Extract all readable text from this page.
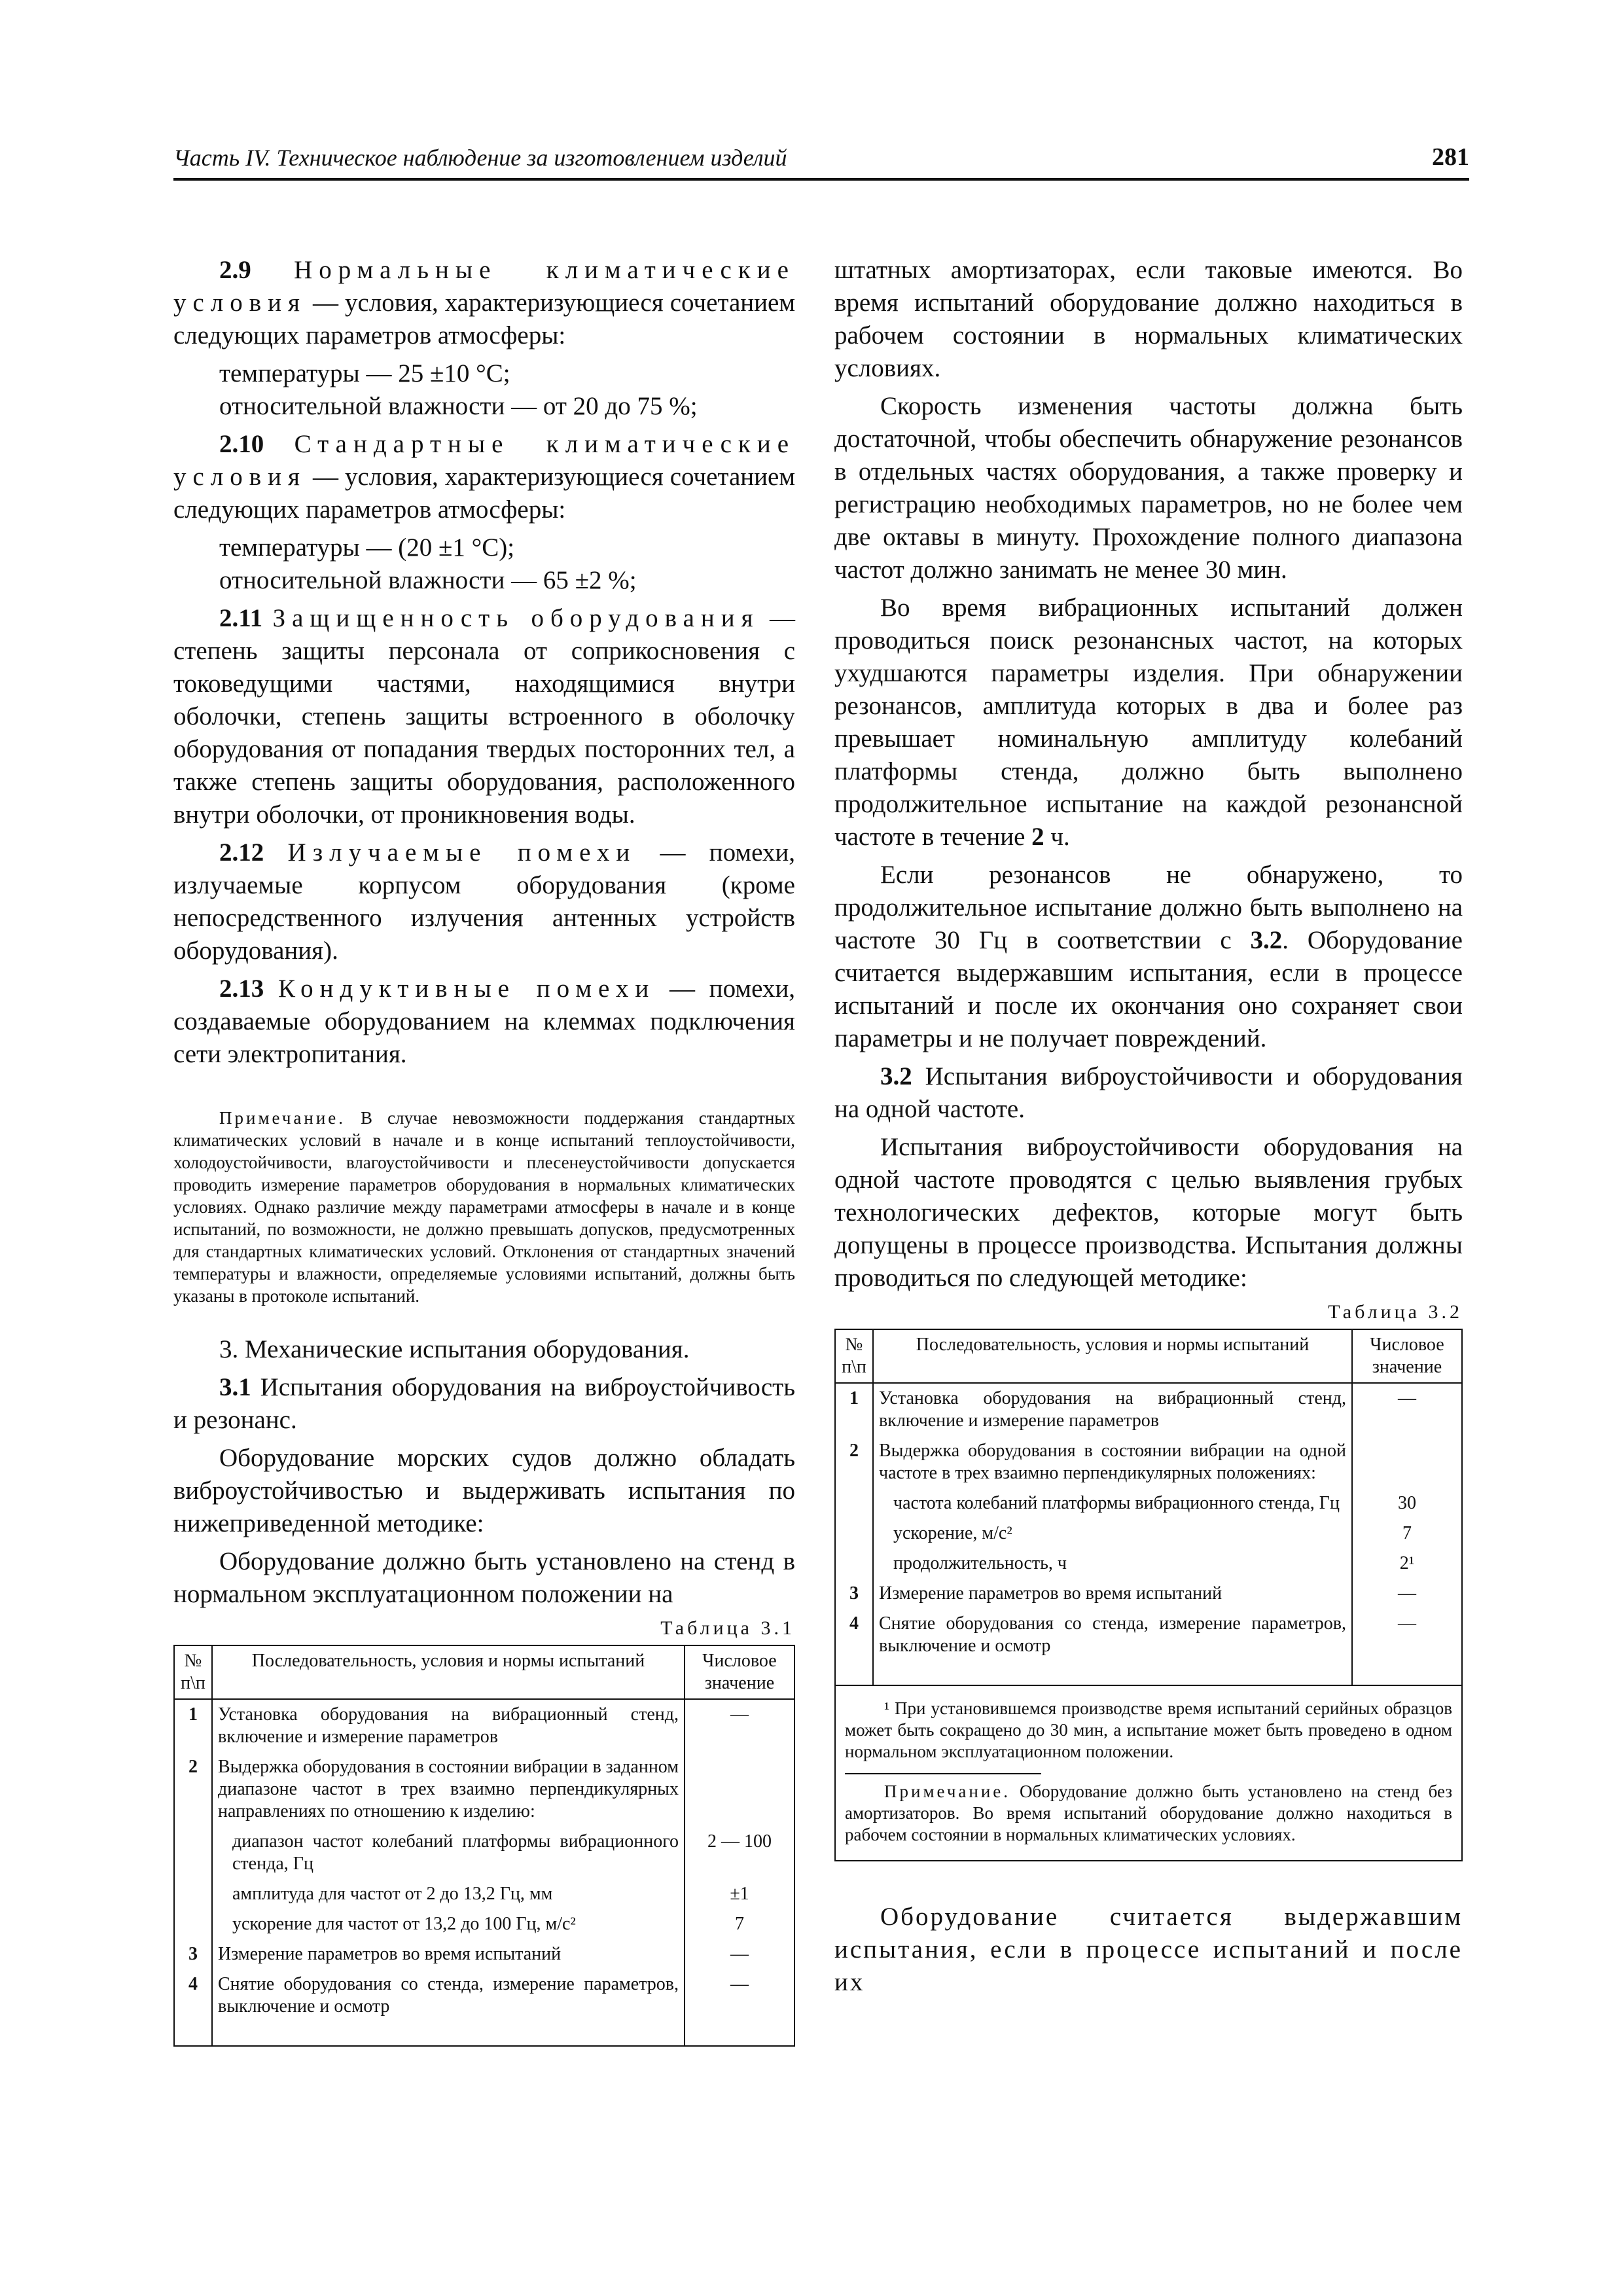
Часть IV. Техническое наблюдение за изготовлением изделий	281

2.9 Нормальные климатические условия — условия, характеризующиеся сочетанием следующих параметров атмосферы:

температуры — 25 ±10 °С;
относительной влажности — от 20 до 75 %;

2.10 Стандартные климатические условия — условия, характеризующиеся сочетанием следующих параметров атмосферы:

температуры — (20 ±1 °С);
относительной влажности — 65 ±2 %;

2.11 Защищенность оборудования — степень защиты персонала от соприкосновения с токоведущими частями, находящимися внутри оболочки, степень защиты встроенного в оболочку оборудования от попадания твердых посторонних тел, а также степень защиты оборудования, расположенного внутри оболочки, от проникновения воды.

2.12 Излучаемые помехи — помехи, излучаемые корпусом оборудования (кроме непосредственного излучения антенных устройств оборудования).

2.13 Кондуктивные помехи — помехи, создаваемые оборудованием на клеммах подключения сети электропитания.

Примечание. В случае невозможности поддержания стандартных климатических условий в начале и в конце испытаний теплоустойчивости, холодоустойчивости, влагоустойчивости и плесенеустойчивости допускается проводить измерение параметров оборудования в нормальных климатических условиях. Однако различие между параметрами атмосферы в начале и в конце испытаний, по возможности, не должно превышать допусков, предусмотренных для стандартных климатических условий. Отклонения от стандартных значений температуры и влажности, определяемые условиями испытаний, должны быть указаны в протоколе испытаний.

3. Механические испытания оборудования.

3.1 Испытания оборудования на виброустойчивость и резонанс.

Оборудование морских судов должно обладать виброустойчивостью и выдерживать испытания по нижеприведенной методике:

Оборудование должно быть установлено на стенд в нормальном эксплуатационном положении на

Таблица 3.1
№ п\п	Последовательность, условия и нормы испытаний	Числовое значение
1	Установка оборудования на вибрационный стенд, включение и измерение параметров	—
2	Выдержка оборудования в состоянии вибрации в заданном диапазоне частот в трех взаимно перпендикулярных направлениях по отношению к изделию:	
	диапазон частот колебаний платформы вибрационного стенда, Гц	2 — 100
	амплитуда для частот от 2 до 13,2 Гц, мм	±1
	ускорение для частот от 13,2 до 100 Гц, м/с²	7
3	Измерение параметров во время испытаний	—
4	Снятие оборудования со стенда, измерение параметров, выключение и осмотр	—

штатных амортизаторах, если таковые имеются. Во время испытаний оборудование должно находиться в рабочем состоянии в нормальных климатических условиях.

Скорость изменения частоты должна быть достаточной, чтобы обеспечить обнаружение резонансов в отдельных частях оборудования, а также проверку и регистрацию необходимых параметров, но не более чем две октавы в минуту. Прохождение полного диапазона частот должно занимать не менее 30 мин.

Во время вибрационных испытаний должен проводиться поиск резонансных частот, на которых ухудшаются параметры изделия. При обнаружении резонансов, амплитуда которых в два и более раз превышает номинальную амплитуду колебаний платформы стенда, должно быть выполнено продолжительное испытание на каждой резонансной частоте в течение 2 ч.

Если резонансов не обнаружено, то продолжительное испытание должно быть выполнено на частоте 30 Гц в соответствии с 3.2. Оборудование считается выдержавшим испытания, если в процессе испытаний и после их окончания оно сохраняет свои параметры и не получает повреждений.

3.2 Испытания виброустойчивости и оборудования на одной частоте.

Испытания виброустойчивости оборудования на одной частоте проводятся с целью выявления грубых технологических дефектов, которые могут быть допущены в процессе производства. Испытания должны проводиться по следующей методике:

Таблица 3.2
№ п\п	Последовательность, условия и нормы испытаний	Числовое значение
1	Установка оборудования на вибрационный стенд, включение и измерение параметров	—
2	Выдержка оборудования в состоянии вибрации на одной частоте в трех взаимно перпендикулярных положениях:	
	частота колебаний платформы вибрационного стенда, Гц	30
	ускорение, м/с²	7
	продолжительность, ч	2¹
3	Измерение параметров во время испытаний	—
4	Снятие оборудования со стенда, измерение параметров, выключение и осмотр	—

¹ При установившемся производстве время испытаний серийных образцов может быть сокращено до 30 мин, а испытание может быть проведено в одном нормальном эксплуатационном положении.
Примечание. Оборудование должно быть установлено на стенд без амортизаторов. Во время испытаний оборудование должно находиться в рабочем состоянии в нормальных климатических условиях.

Оборудование считается выдержавшим испытания, если в процессе испытаний и после их
